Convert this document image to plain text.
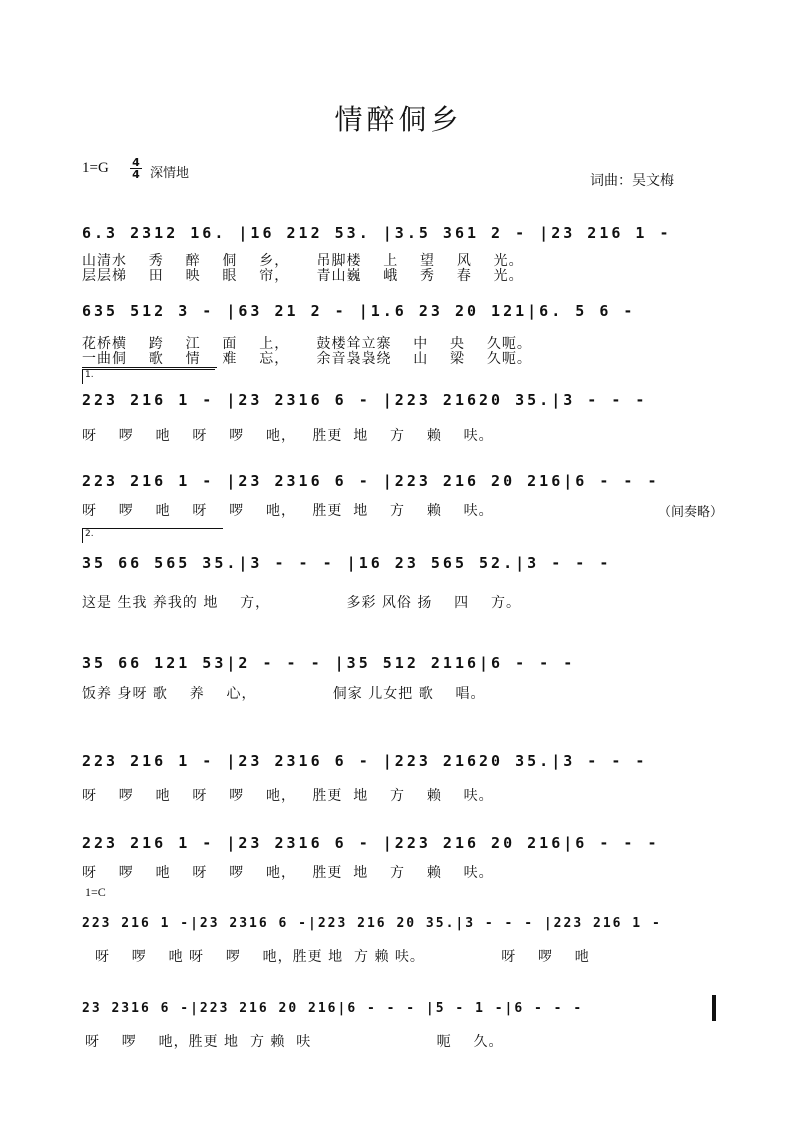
情醉侗乡
1=G 4
4 深情地	词曲：吴文梅
6.3 2312 16. |16 212 53. |3.5 361 2 - |23 216 1 -
山清水    秀    醉    侗    乡，     吊脚楼    上    望    风    光。
层层梯    田    映    眼    帘，     青山巍    峨    秀    春    光。
635 512 3 - |63 21 2 - |1.6 23 20 121|6. 5 6 -
花桥横    跨    江    面    上，     鼓楼耸立寨    中    央    久呃。
一曲侗    歌    情    难    忘，     余音袅袅绕    山    梁    久呃。
1.
223 216 1 - |23 2316 6 - |223 21620 35.|3 - - -
呀    啰    吔    呀    啰    吔，   胜更  地    方    赖    呋。
223 216 1 - |23 2316 6 - |223 216 20 216|6 - - -
呀    啰    吔    呀    啰    吔，   胜更  地    方    赖    呋。	（间奏略）
2.
35 66 565 35.|3 - - - |16 23 565 52.|3 - - -
这是 生我 养我的 地    方，              多彩 风俗 扬    四    方。
35 66 121 53|2 - - - |35 512 2116|6 - - -
饭养 身呀 歌    养    心，              侗家 儿女把 歌    唱。
223 216 1 - |23 2316 6 - |223 21620 35.|3 - - -
呀    啰    吔    呀    啰    吔，   胜更  地    方    赖    呋。
223 216 1 - |23 2316 6 - |223 216 20 216|6 - - -
呀    啰    吔    呀    啰    吔，   胜更  地    方    赖    呋。
1=C
223 216 1 -|23 2316 6 -|223 216 20 35.|3 - - - |223 216 1 -
呀    啰    吔 呀    啰    吔，胜更 地  方 赖 呋。              呀    啰    吔
23 2316 6 -|223 216 20 216|6 - - - |5 - 1 -|6 - - -
呀    啰    吔，胜更 地  方 赖  呋                       呃    久。
